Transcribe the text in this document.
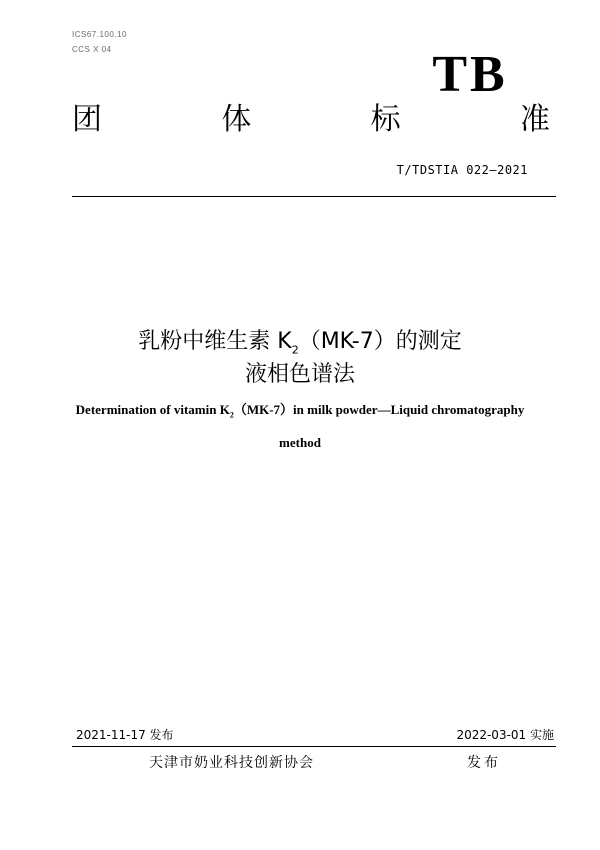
ICS67.100.10
CCS X 04	TB
团	体	标	准
T/TDSTIA 022—2021
乳粉中维生素 $K_2(MK-7)$的测定
液相色谱法
Determination of vitamin $K_2(MK-7)in$ milk powder—Liquid chromatography
method
2021-11-17 发布	2022-03-01 实施
天津市奶业科技创新协会	发布
